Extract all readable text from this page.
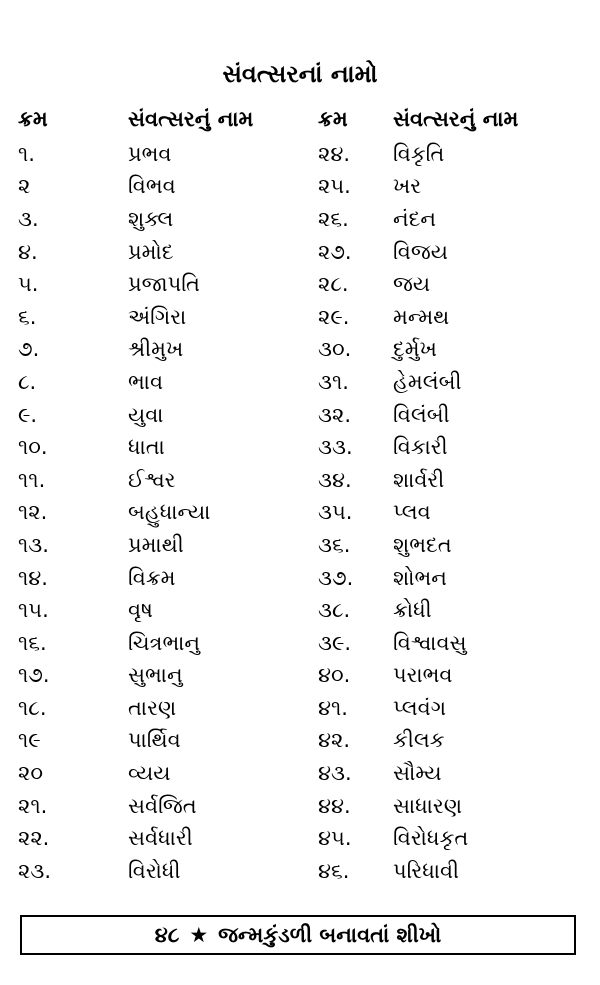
સંવત્સરનાં નામો
ક્રમ	સંવત્સરનું નામ	ક્રમ	સંવત્સરનું નામ
૧.	પ્રભવ	૨૪.	વિકૃતિ
૨	વિભવ	૨૫.	ખર
૩.	શુક્લ	૨૬.	નંદન
૪.	પ્રમોદ	૨૭.	વિજય
૫.	પ્રજાપતિ	૨૮.	જય
૬.	અંગિરા	૨૯.	મન્મથ
૭.	શ્રીમુખ	૩૦.	દુર્મુખ
૮.	ભાવ	૩૧.	હેમલંબી
૯.	યુવા	૩૨.	વિલંબી
૧૦.	ધાતા	૩૩.	વિકારી
૧૧.	ઈશ્વર	૩૪.	શાર્વરી
૧૨.	બહુધાન્યા	૩૫.	પ્લવ
૧૩.	પ્રમાથી	૩૬.	શુભદત
૧૪.	વિક્રમ	૩૭.	શોભન
૧૫.	વૃષ	૩૮.	ક્રોધી
૧૬.	ચિત્રભાનુ	૩૯.	વિશ્વાવસુ
૧૭.	સુભાનુ	૪૦.	પરાભવ
૧૮.	તારણ	૪૧.	પ્લવંગ
૧૯	પાર્થિવ	૪૨.	કીલક
૨૦	વ્યય	૪૩.	સૌમ્ય
૨૧.	સર્વજિત	૪૪.	સાધારણ
૨૨.	સર્વધારી	૪૫.	વિરોધકૃત
૨૩.	વિરોધી	૪૬.	પરિધાવી
૪૮ ★ જન્મકુંડળી બનાવતાં શીખો
